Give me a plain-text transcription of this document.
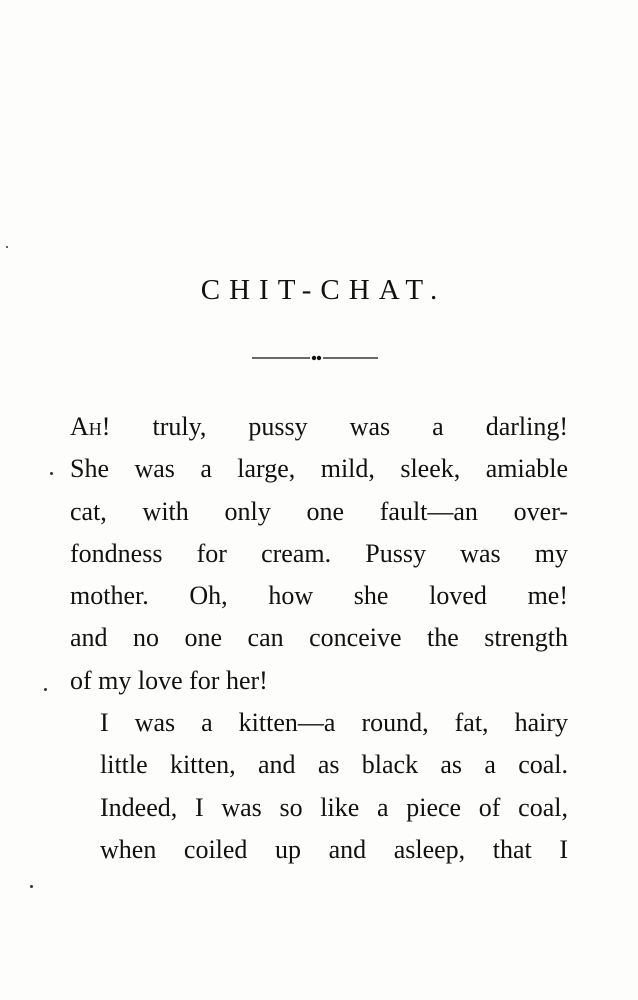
CHIT-CHAT.

Ah! truly, pussy was a darling!
She was a large, mild, sleek, amiable
cat, with only one fault—an over-
fondness for cream. Pussy was my
mother. Oh, how she loved me!
and no one can conceive the strength
of my love for her!

I was a kitten—a round, fat, hairy
little kitten, and as black as a coal.
Indeed, I was so like a piece of coal,
when coiled up and asleep, that I
